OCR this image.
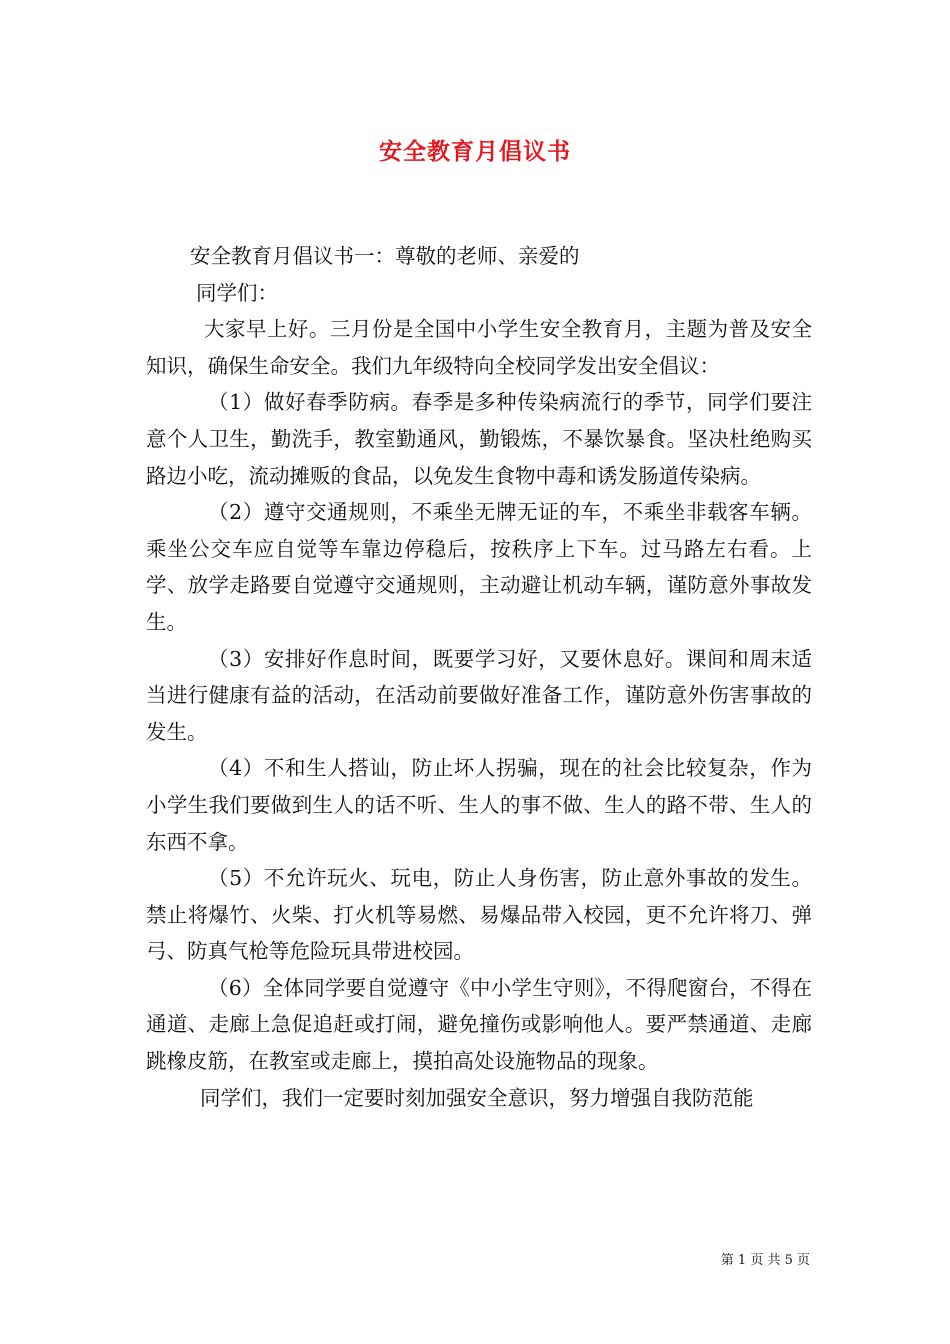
安全教育月倡议书

安全教育月倡议书一：尊敬的老师、亲爱的

同学们：

大家早上好。三月份是全国中小学生安全教育月，主题为普及安全知识，确保生命安全。我们九年级特向全校同学发出安全倡议：

（1）做好春季防病。春季是多种传染病流行的季节，同学们要注意个人卫生，勤洗手，教室勤通风，勤锻炼，不暴饮暴食。坚决杜绝购买路边小吃，流动摊贩的食品，以免发生食物中毒和诱发肠道传染病。

（2）遵守交通规则，不乘坐无牌无证的车，不乘坐非载客车辆。乘坐公交车应自觉等车靠边停稳后，按秩序上下车。过马路左右看。上学、放学走路要自觉遵守交通规则，主动避让机动车辆，谨防意外事故发生。

（3）安排好作息时间，既要学习好，又要休息好。课间和周末适当进行健康有益的活动，在活动前要做好准备工作，谨防意外伤害事故的发生。

（4）不和生人搭讪，防止坏人拐骗，现在的社会比较复杂，作为小学生我们要做到生人的话不听、生人的事不做、生人的路不带、生人的东西不拿。

（5）不允许玩火、玩电，防止人身伤害，防止意外事故的发生。禁止将爆竹、火柴、打火机等易燃、易爆品带入校园，更不允许将刀、弹弓、防真气枪等危险玩具带进校园。

（6）全体同学要自觉遵守《中小学生守则》，不得爬窗台，不得在通道、走廊上急促追赶或打闹，避免撞伤或影响他人。要严禁通道、走廊跳橡皮筋，在教室或走廊上，摸拍高处设施物品的现象。

同学们，我们一定要时刻加强安全意识，努力增强自我防范能

第 1 页 共 5 页
